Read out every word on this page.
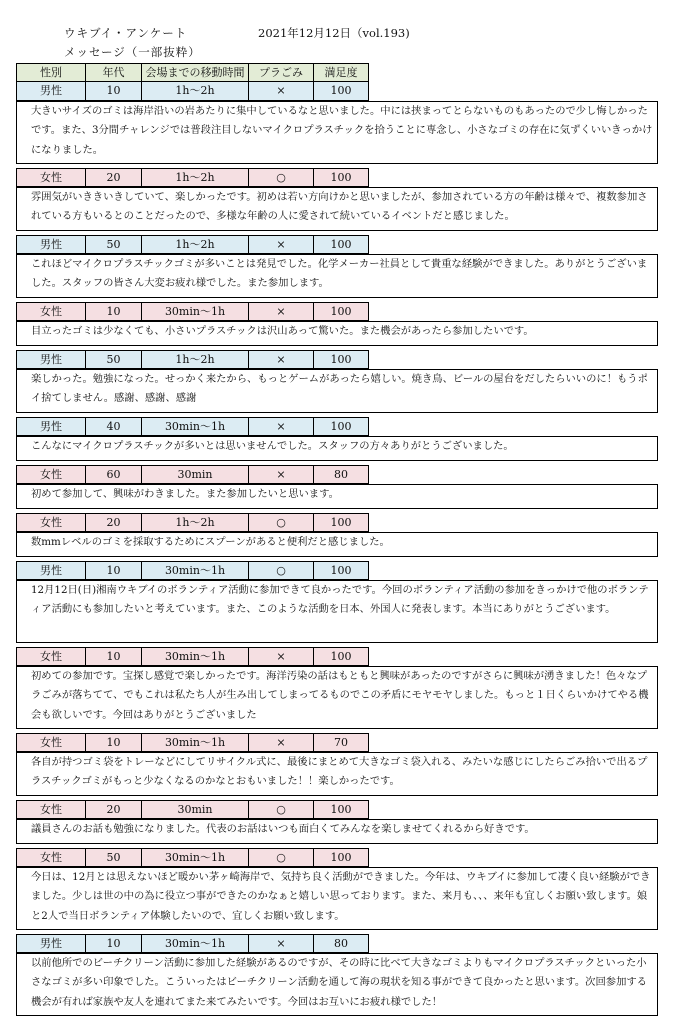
ウキブイ・アンケート	2021年12月12日（vol.193)
メッセージ（一部抜粋）
性別	年代	会場までの移動時間	プラごみ	満足度
男性	10	1h～2h	×	100
大きいサイズのゴミは海岸沿いの岩あたりに集中しているなと思いました。中には挟まってとらないものもあったので少し悔しかったです。また、3分間チャレンジでは普段注目しないマイクロプラスチックを拾うことに専念し、小さなゴミの存在に気ずくいいきっかけになりました。
女性	20	1h～2h	○	100
雰囲気がいききいきしていて、楽しかったです。初めは若い方向けかと思いましたが、参加されている方の年齢は様々で、複数参加されている方もいるとのことだったので、多様な年齢の人に愛されて続いているイベントだと感じました。
男性	50	1h～2h	×	100
これほどマイクロプラスチックゴミが多いことは発見でした。化学メーカー社員として貴重な経験ができました。ありがとうございました。スタッフの皆さん大変お疲れ様でした。また参加します。
女性	10	30min～1h	×	100
目立ったゴミは少なくても、小さいプラスチックは沢山あって驚いた。また機会があったら参加したいです。
男性	50	1h～2h	×	100
楽しかった。勉強になった。せっかく来たから、もっとゲームがあったら嬉しい。焼き鳥、ビールの屋台をだしたらいいのに！もうポイ捨てしません。感謝、感謝、感謝
男性	40	30min～1h	×	100
こんなにマイクロプラスチックが多いとは思いませんでした。スタッフの方々ありがとうございました。
女性	60	30min	×	80
初めて参加して、興味がわきました。また参加したいと思います。
女性	20	1h～2h	○	100
数mmレベルのゴミを採取するためにスプーンがあると便利だと感じました。
男性	10	30min～1h	○	100
12月12日(日)湘南ウキブイのボランティア活動に参加できて良かったです。今回のボランティア活動の参加をきっかけで他のボランティア活動にも参加したいと考えています。また、このような活動を日本、外国人に発表します。本当にありがとうございます。
女性	10	30min～1h	×	100
初めての参加です。宝探し感覚で楽しかったです。海洋汚染の話はもともと興味があったのですがさらに興味が湧きました！色々なプラごみが落ちてて、でもこれは私たち人が生み出してしまってるものでこの矛盾にモヤモヤしました。もっと１日くらいかけてやる機会も欲しいです。今回はありがとうございました
女性	10	30min～1h	×	70
各自が持つゴミ袋をトレーなどにしてリサイクル式に、最後にまとめて大きなゴミ袋入れる、みたいな感じにしたらごみ拾いで出るプラスチックゴミがもっと少なくなるのかなとおもいました！！楽しかったです。
女性	20	30min	○	100
議員さんのお話も勉強になりました。代表のお話はいつも面白くてみんなを楽しませてくれるから好きです。
女性	50	30min～1h	○	100
今日は、12月とは思えないほど暖かい茅ヶ崎海岸で、気持ち良く活動ができました。今年は、ウキブイに参加して凄く良い経験ができました。少しは世の中の為に役立つ事ができたのかなぁと嬉しい思っております。また、来月も、、、来年も宜しくお願い致します。娘と2人で当日ボランティア体験したいので、宜しくお願い致します。
男性	10	30min～1h	×	80
以前他所でのビーチクリーン活動に参加した経験があるのですが、その時に比べて大きなゴミよりもマイクロプラスチックといった小さなゴミが多い印象でした。こういったはビーチクリーン活動を通して海の現状を知る事ができて良かったと思います。次回参加する機会が有れば家族や友人を連れてまた来てみたいです。今回はお互いにお疲れ様でした！
